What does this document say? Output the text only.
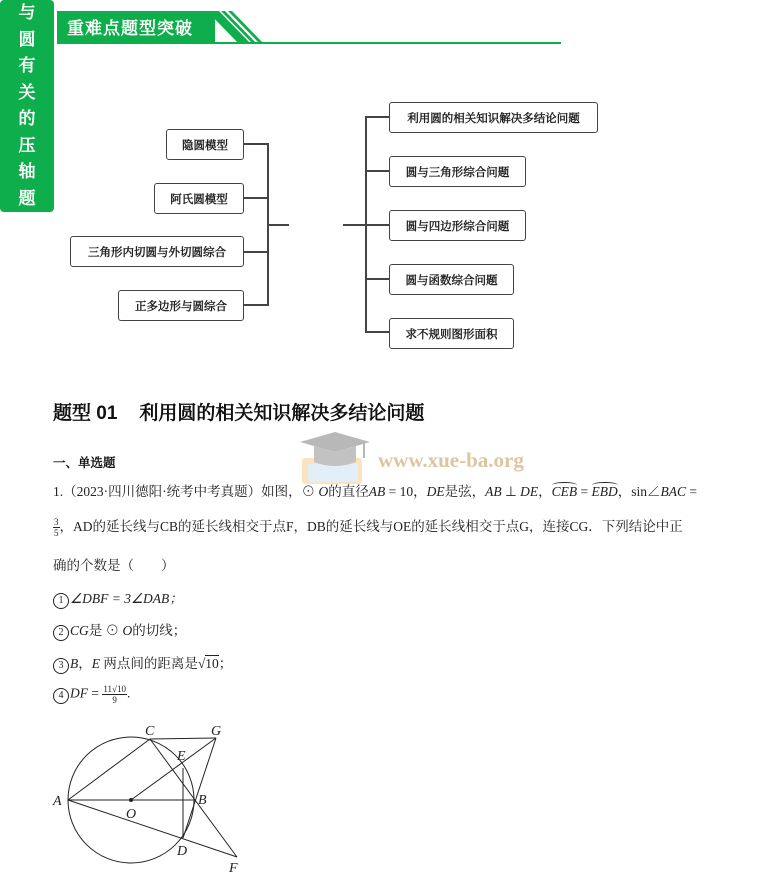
重难点题型突破
隐圆模型
阿氏圆模型
三角形内切圆与外切圆综合
正多边形与圆综合
与
圆
有
关
的
压
轴
题
利用圆的相关知识解决多结论问题
圆与三角形综合问题
圆与四边形综合问题
圆与函数综合问题
求不规则图形面积
题型 01 利用圆的相关知识解决多结论问题
一、单选题	www.xue-ba.org
1.（2023·四川德阳·统考中考真题）如图，⊙ O的直径AB = 10，DE是弦，AB ⊥ DE，CEB = EBD，sin∠BAC =
$\frac{3}{5}$ ，AD的延长线与CB的延长线相交于点F，DB的延长线与OE的延长线相交于点G，连接CG．下列结论中正
确的个数是（　　）
1 ∠DBF = 3∠DAB；
2 CG是 ⊙ O的切线；
3 B，E 两点间的距离是√10；
4 DF = $\frac{11√10}{9}$ .
A	B
C
D
E
F
G
O
